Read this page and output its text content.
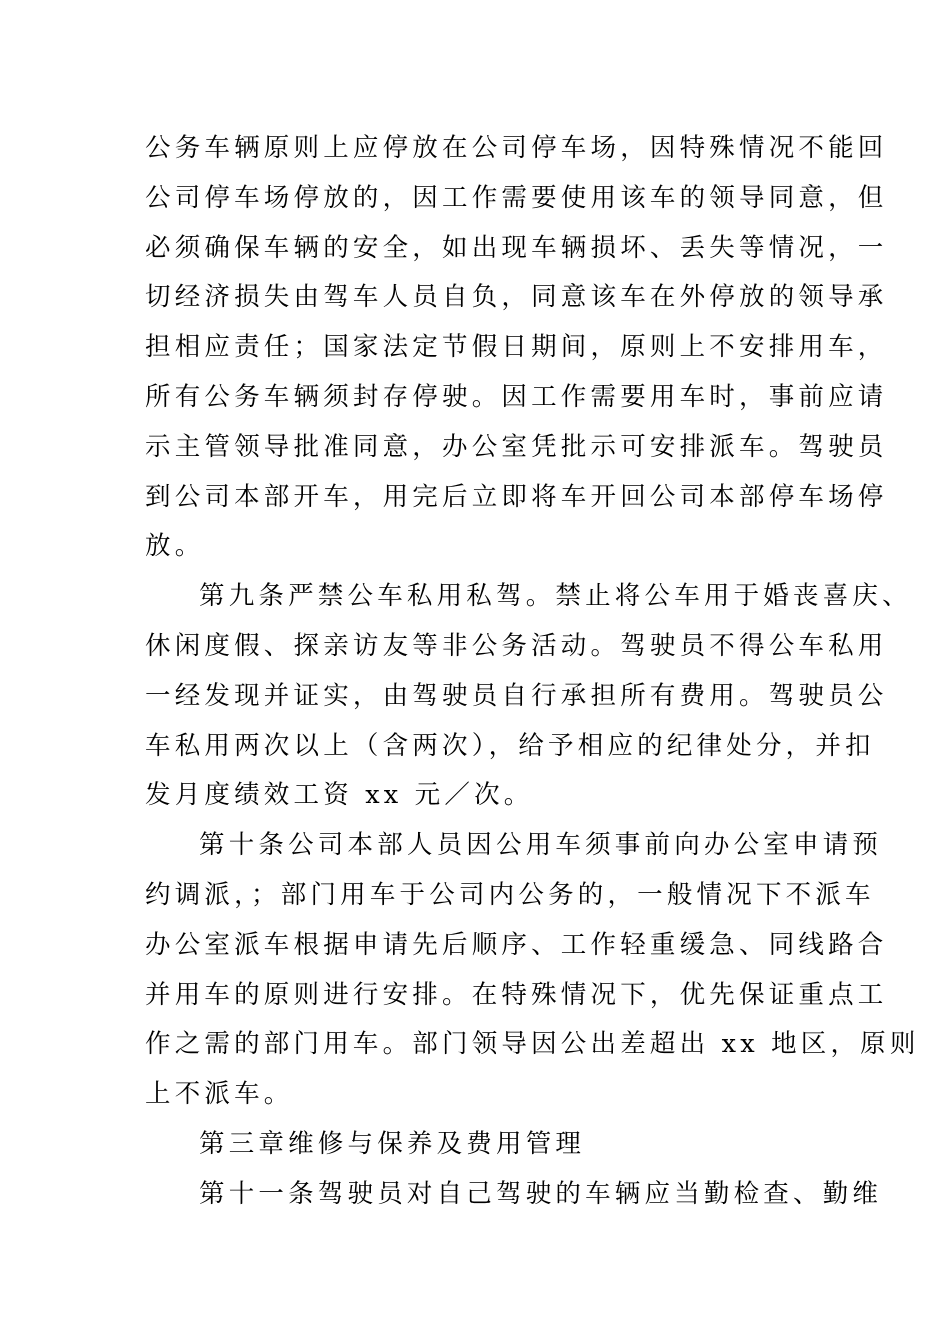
公务车辆原则上应停放在公司停车场，因特殊情况不能回
公司停车场停放的，因工作需要使用该车的领导同意，但
必须确保车辆的安全，如出现车辆损坏、丢失等情况，一
切经济损失由驾车人员自负，同意该车在外停放的领导承
担相应责任；国家法定节假日期间，原则上不安排用车，
所有公务车辆须封存停驶。因工作需要用车时，事前应请
示主管领导批准同意，办公室凭批示可安排派车。驾驶员
到公司本部开车，用完后立即将车开回公司本部停车场停
放。
第九条严禁公车私用私驾。禁止将公车用于婚丧喜庆、
休闲度假、探亲访友等非公务活动。驾驶员不得公车私用
一经发现并证实，由驾驶员自行承担所有费用。驾驶员公
车私用两次以上（含两次），给予相应的纪律处分，并扣
发月度绩效工资 xx 元／次。
第十条公司本部人员因公用车须事前向办公室申请预
约调派，；部门用车于公司内公务的，一般情况下不派车
办公室派车根据申请先后顺序、工作轻重缓急、同线路合
并用车的原则进行安排。在特殊情况下，优先保证重点工
作之需的部门用车。部门领导因公出差超出 xx 地区，原则
上不派车。
第三章维修与保养及费用管理
第十一条驾驶员对自己驾驶的车辆应当勤检查、勤维
